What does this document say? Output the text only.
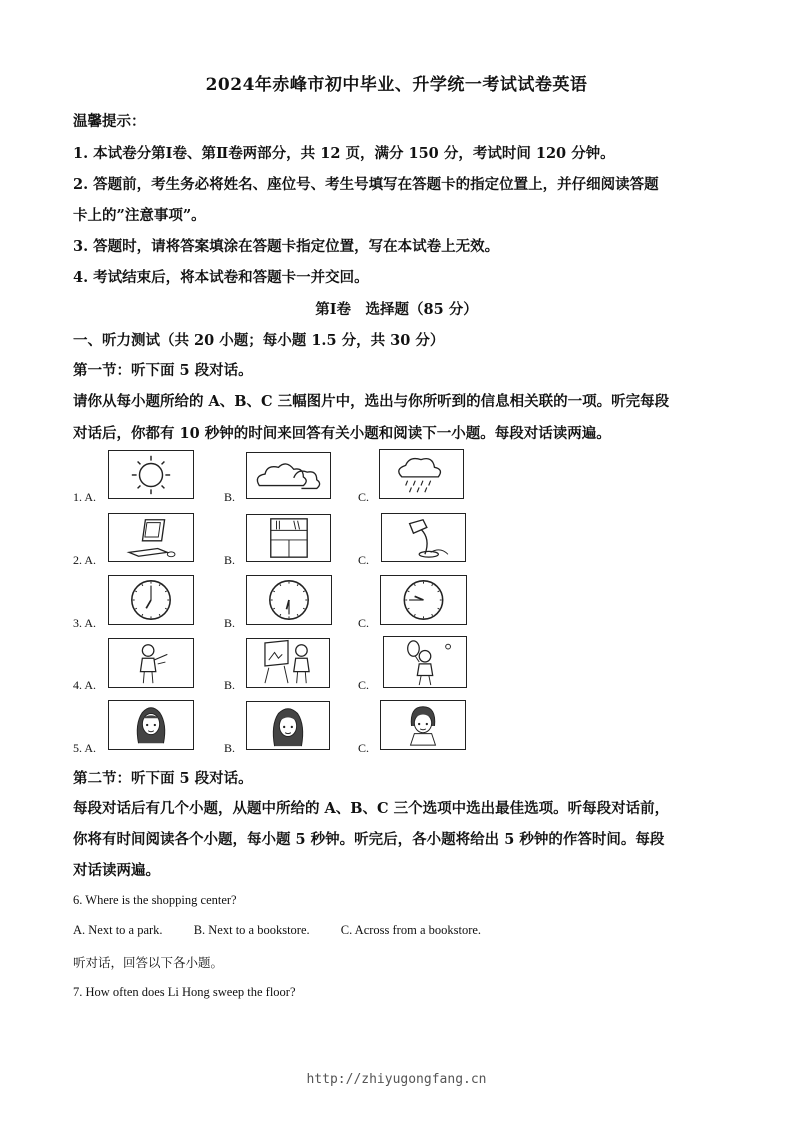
2024年赤峰市初中毕业、升学统一考试试卷英语
温馨提示：
1. 本试卷分第Ⅰ卷、第Ⅱ卷两部分，共 12 页，满分 150 分，考试时间 120 分钟。
2. 答题前，考生务必将姓名、座位号、考生号填写在答题卡的指定位置上，并仔细阅读答题
卡上的”注意事项”。
3. 答题时，请将答案填涂在答题卡指定位置，写在本试卷上无效。
4. 考试结束后，将本试卷和答题卡一并交回。
第Ⅰ卷　选择题（85 分）
一、听力测试（共 20 小题；每小题 1.5 分，共 30 分）
第一节：听下面 5 段对话。
请你从每小题所给的 A、B、C 三幅图片中，选出与你所听到的信息相关联的一项。听完每段
对话后，你都有 10 秒钟的时间来回答有关小题和阅读下一小题。每段对话读两遍。
1. A.	B.	C.
2. A.	B.	C.
3. A.	B.	C.
4. A.	B.	C.
5. A.	B.	C.
第二节：听下面 5 段对话。
每段对话后有几个小题，从题中所给的 A、B、C 三个选项中选出最佳选项。听每段对话前，
你将有时间阅读各个小题，每小题 5 秒钟。听完后，各小题将给出 5 秒钟的作答时间。每段
对话读两遍。
6. Where is the shopping center?
A. Next to a park. B. Next to a bookstore. C. Across from a bookstore.
听对话，回答以下各小题。
7. How often does Li Hong sweep the floor?
http://zhiyugongfang.cn
